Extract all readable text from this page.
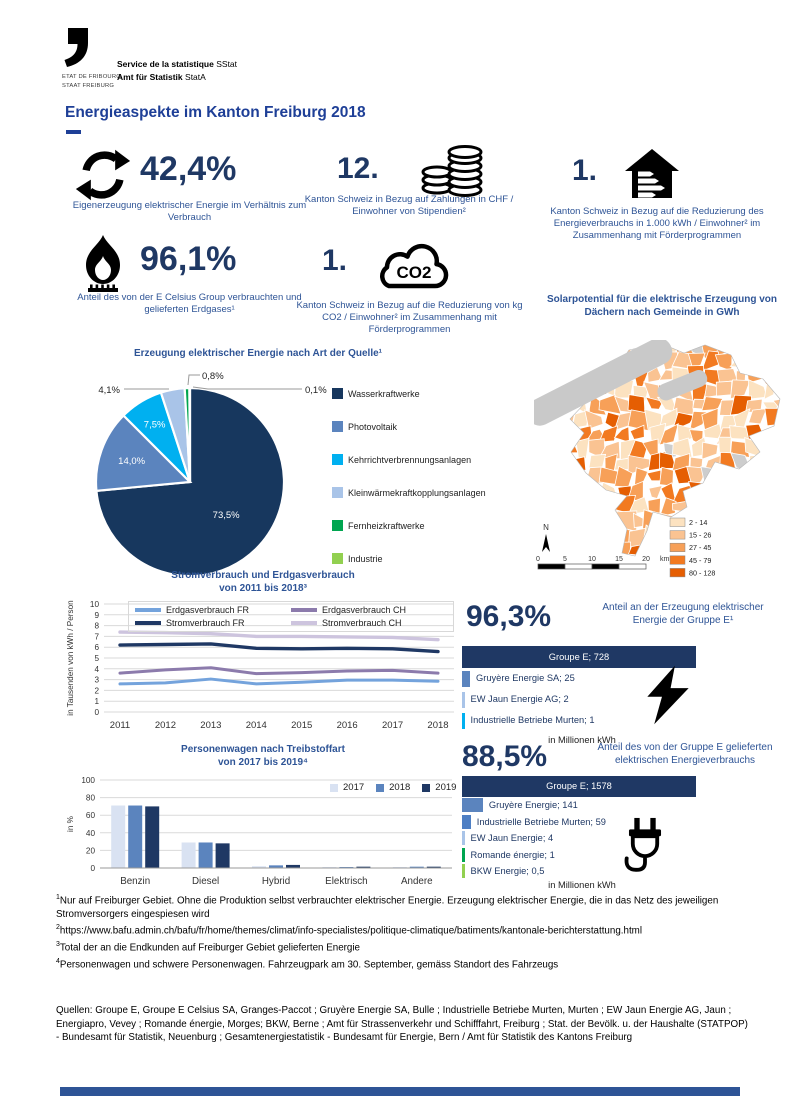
ETAT DE FRIBOURG
STAAT FREIBURG
Service de la statistique SStat
Amt für Statistik StatA
Energieaspekte im Kanton Freiburg 2018
42,4%
Eigenerzeugung elektrischer Energie im Verhältnis zum Verbrauch
12.
Kanton Schweiz in Bezug auf Zahlungen in CHF / Einwohner von Stipendien²
1.
Kanton Schweiz in Bezug auf die Reduzierung des Energieverbrauchs in 1.000 kWh / Einwohner² im Zusammenhang mit Förderprogrammen
96,1%
Anteil des von der E Celsius Group verbrauchten und gelieferten Erdgases¹
1.	CO2
Kanton Schweiz in Bezug auf die Reduzierung von kg CO2 / Einwohner² im Zusammenhang mit Förderprogrammen
Solarpotential für die elektrische Erzeugung von Dächern nach Gemeinde in GWh
N
0	5	10	15	20 km
2 - 14
15 - 26
27 - 45
45 - 79
80 - 128
Erzeugung elektrischer Energie nach Art der Quelle¹
73,5%
14,0%
7,5%
4,1%
0,8%
0,1% Wasserkraftwerke
Photovoltaik
Kehrrichtverbrennungsanlagen
Kleinwärmekraftkopplungsanlagen
Fernheizkraftwerke
Industrie
Stromverbrauch und Erdgasverbrauch
von 2011 bis 2018³
0
1
2
3
4
5
6
7
8
9
10
2011	2012	2013	2014	2015	2016	2017	2018
in Tausenden von kWh / Person	Erdgasverbrauch FR	Erdgasverbrauch CH
Stromverbrauch FR	Stromverbrauch CH 96,3%	Anteil an der Erzeugung elektrischer Energie der Gruppe E¹
Groupe E; 728
Gruyère Energie SA; 25
EW Jaun Energie AG; 2
Industrielle Betriebe Murten; 1
in Millionen kWh
Personenwagen nach Treibstoffart
von 2017 bis 2019⁴
0
20
40
60
80
100
in %
Benzin	Diesel	Hybrid	Elektrisch	Andere
2017	2018	2019
88,5%	Anteil des von der Gruppe E gelieferten elektrischen Energieverbrauchs
Groupe E; 1578
Gruyère Energie; 141
Industrielle Betriebe Murten; 59
EW Jaun Energie; 4
Romande énergie; 1
BKW Energie; 0,5
in Millionen kWh
$^1$Nur auf Freiburger Gebiet. Ohne die Produktion selbst verbrauchter elektrischer Energie. Erzeugung elektrischer Energie, die in das Netz des jeweiligen Stromversorgers eingespiesen wird
$^2$https://www.bafu.admin.ch/bafu/fr/home/themes/climat/info-specialistes/politique-climatique/batiments/kantonale-berichterstattung.html
$^3$Total der an die Endkunden auf Freiburger Gebiet gelieferten Energie
$^4$Personenwagen und schwere Personenwagen. Fahrzeugpark am 30. September, gemäss Standort des Fahrzeugs
Quellen: Groupe E, Groupe E Celsius SA, Granges-Paccot ; Gruyère Energie SA, Bulle ; Industrielle Betriebe Murten, Murten ; EW Jaun Energie AG, Jaun ; Energiapro, Vevey ; Romande énergie, Morges; BKW, Berne ; Amt für Strassenverkehr und Schifffahrt, Freiburg ; Stat. der Bevölk. u. der Haushalte (STATPOP) - Bundesamt für Statistik, Neuenburg ; Gesamtenergiestatistik - Bundesamt für Energie, Bern / Amt für Statistik des Kantons Freiburg
